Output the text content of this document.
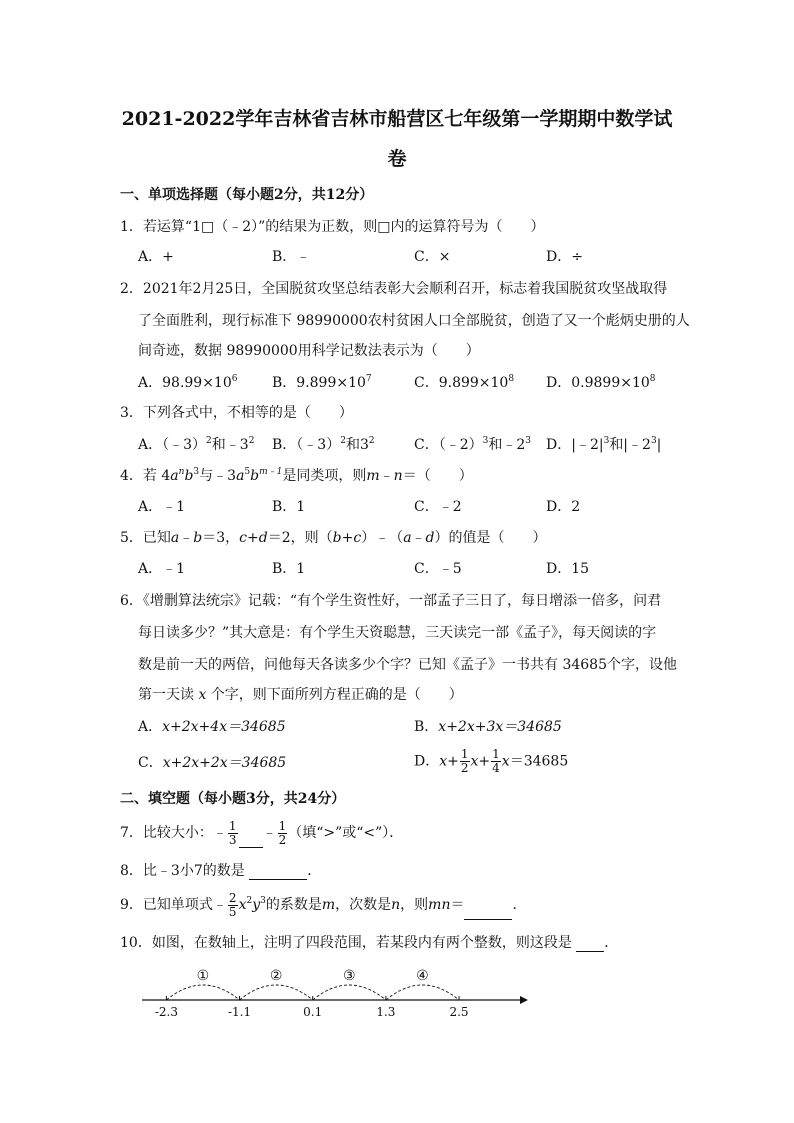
2021-2022学年吉林省吉林市船营区七年级第一学期期中数学试
卷
一、单项选择题（每小题2分，共12分）
1．若运算“1□（﹣2）”的结果为正数，则□内的运算符号为（　　）
A．+	B．﹣	C．×	D．÷
2．2021年2月25日，全国脱贫攻坚总结表彰大会顺利召开，标志着我国脱贫攻坚战取得
了全面胜利，现行标准下 98990000农村贫困人口全部脱贫，创造了又一个彪炳史册的人
间奇迹，数据 98990000用科学记数法表示为（　　）
A．$98.99\times 10^6$ B．$9.899\times 10^7$	C．$9.899\times 10^8$ D．$0.9899\times 10^8$
3．下列各式中，不相等的是（　　）
A．（﹣3）$^2$和$﹣3^2$ B．（﹣3）$^2$和$3^2$	C．（﹣2）$^3$和$﹣2^3$ D．$|﹣2|^3$和$|﹣2^3|$
4．若 $4a^nb^3$与$﹣3a^5b^{m﹣1}$是同类项，则m﹣n＝（　　）
A．﹣1	B．1	C．﹣2	D．2
5．已知a﹣b＝3，c+d＝2，则（b+c）﹣（a﹣d）的值是（　　）
A．﹣1	B．1	C．﹣5	D．15
6．《增删算法统宗》记载：“有个学生资性好，一部孟子三日了，每日增添一倍多，问君
每日读多少？”其大意是：有个学生天资聪慧，三天读完一部《孟子》，每天阅读的字
数是前一天的两倍，问他每天各读多少个字？已知《孟子》一书共有 34685个字，设他
第一天读 x 个字，则下面所列方程正确的是（　　）
A．x+2x+4x＝34685	B．x+2x+3x＝34685
C．x+2x+2x＝34685	D．$x+ \frac{1}{2} x+ \frac{1}{4} x=34685$
二、填空题（每小题3分，共24分）
7．比较大小：﹣ $\frac{1}{3}$ ﹣ $\frac{1}{2}$ （填“>”或“<”）．
8．比﹣3小7的数是	．
9．已知单项式﹣ $\frac{2}{5} x^2y^3$的系数是m，次数是n，则mn＝	．
10．如图，在数轴上，注明了四段范围，若某段内有两个整数，则这段是 ．
-2.3	-1.1	0.1	1.3	2.5
①	②	③	④
